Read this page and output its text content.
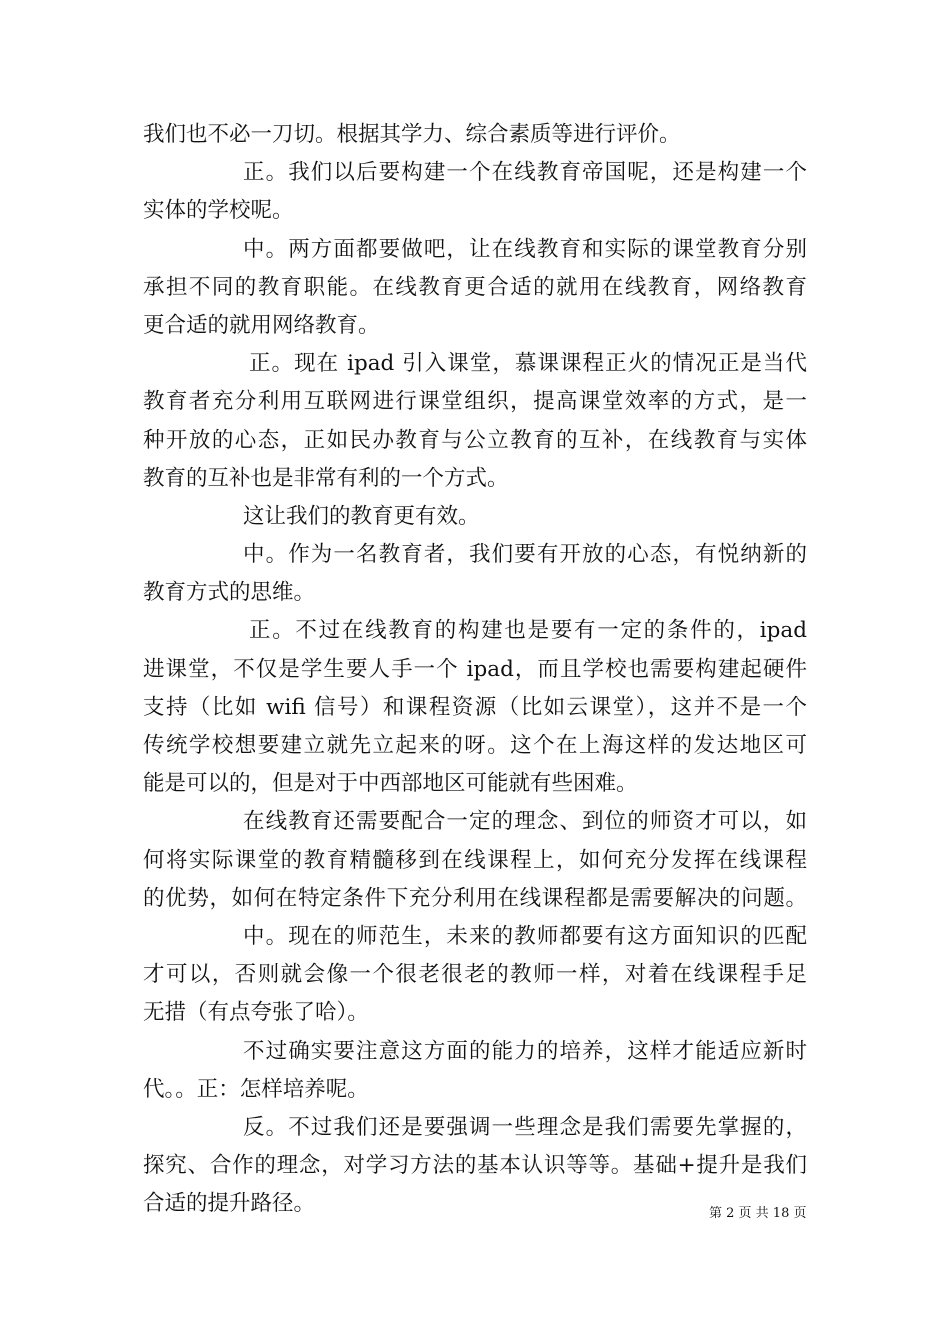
我们也不必一刀切。根据其学力、综合素质等进行评价。
正。我们以后要构建一个在线教育帝国呢，还是构建一个
实体的学校呢。
中。两方面都要做吧，让在线教育和实际的课堂教育分别
承担不同的教育职能。在线教育更合适的就用在线教育，网络教育
更合适的就用网络教育。
正。现在 ipad 引入课堂，慕课课程正火的情况正是当代
教育者充分利用互联网进行课堂组织，提高课堂效率的方式，是一
种开放的心态，正如民办教育与公立教育的互补，在线教育与实体
教育的互补也是非常有利的一个方式。
这让我们的教育更有效。
中。作为一名教育者，我们要有开放的心态，有悦纳新的
教育方式的思维。
正。不过在线教育的构建也是要有一定的条件的，ipad
进课堂，不仅是学生要人手一个 ipad，而且学校也需要构建起硬件
支持（比如 wifi 信号）和课程资源（比如云课堂），这并不是一个
传统学校想要建立就先立起来的呀。这个在上海这样的发达地区可
能是可以的，但是对于中西部地区可能就有些困难。
在线教育还需要配合一定的理念、到位的师资才可以，如
何将实际课堂的教育精髓移到在线课程上，如何充分发挥在线课程
的优势，如何在特定条件下充分利用在线课程都是需要解决的问题。
中。现在的师范生，未来的教师都要有这方面知识的匹配
才可以，否则就会像一个很老很老的教师一样，对着在线课程手足
无措（有点夸张了哈）。
不过确实要注意这方面的能力的培养，这样才能适应新时
代。。正：怎样培养呢。
反。不过我们还是要强调一些理念是我们需要先掌握的，
探究、合作的理念，对学习方法的基本认识等等。基础+提升是我们
合适的提升路径。	第 2 页 共 18 页
